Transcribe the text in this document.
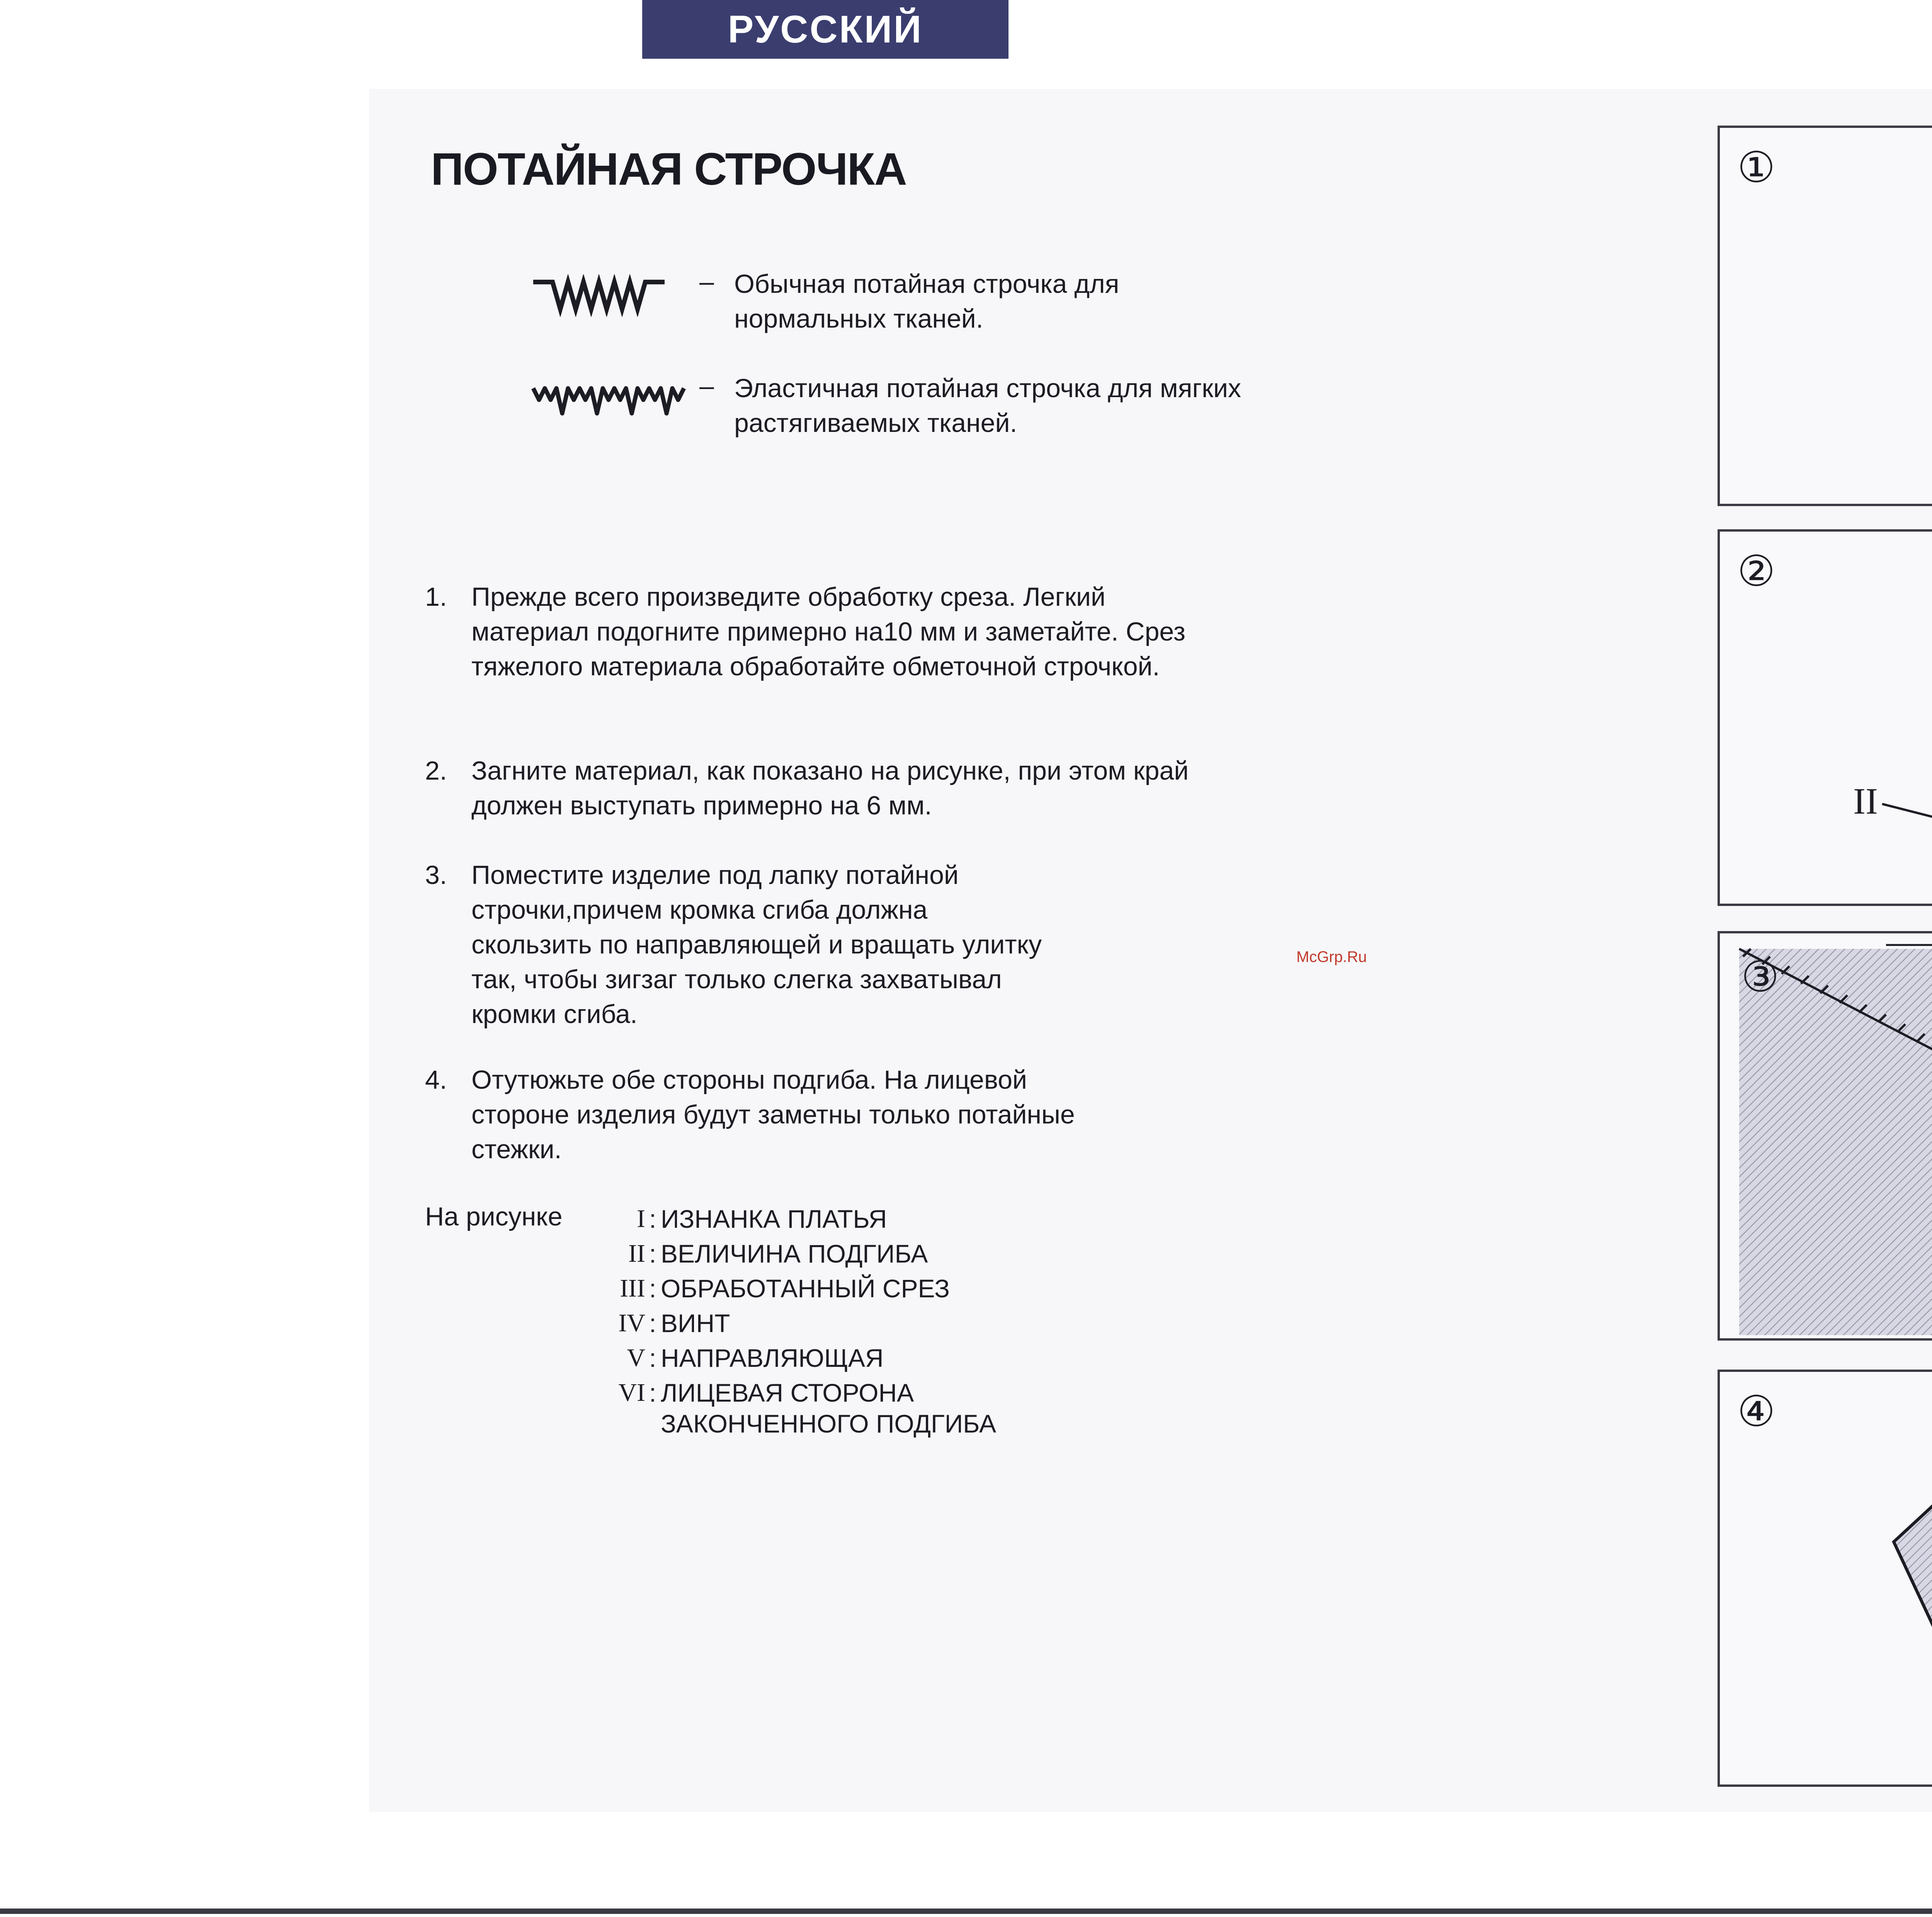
РУССКИЙ
ПОТАЙНАЯ СТРОЧКА
– Обычная потайная строчка для нормальных тканей.
– Эластичная потайная строчка для мягких растягиваемых тканей.
1. Прежде всего произведите обработку среза. Легкий материал подогните примерно на10 мм и заметайте. Срез тяжелого материала обработайте обметочной строчкой.
2. Загните материал, как показано на рисунке, при этом край должен выступать примерно на 6 мм.
3. Поместите изделие под лапку потайной строчки,причем кромка сгиба должна скользить по направляющей и вращать улитку так, чтобы зигзаг только слегка захватывал кромки сгиба.
4. Отутюжьте обе стороны подгиба. На лицевой стороне изделия будут заметны только потайные стежки.
На рисунке	I : ИЗНАНКА ПЛАТЬЯ
II : ВЕЛИЧИНА ПОДГИБА
III : ОБРАБОТАННЫЙ СРЕЗ
IV : ВИНТ
V : НАПРАВЛЯЮЩАЯ
VI : ЛИЦЕВАЯ СТОРОНА ЗАКОНЧЕННОГО ПОДГИБА
McGrp.Ru
①
②
II
③
④
